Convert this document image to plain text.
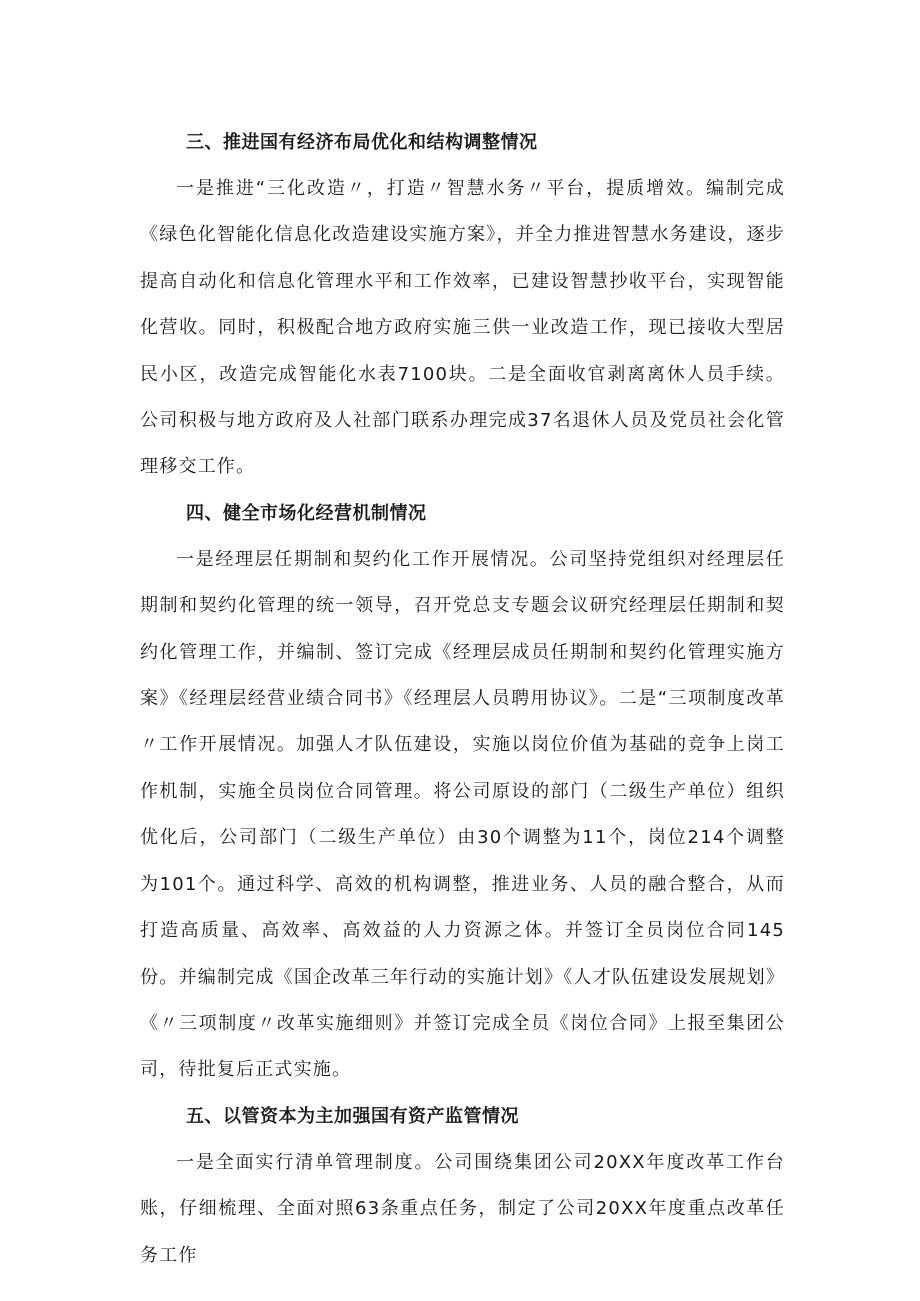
三、推进国有经济布局优化和结构调整情况

一是推进“三化改造〃，打造〃智慧水务〃平台，提质增效。编制完成《绿色化智能化信息化改造建设实施方案》，并全力推进智慧水务建设，逐步提高自动化和信息化管理水平和工作效率，已建设智慧抄收平台，实现智能化营收。同时，积极配合地方政府实施三供一业改造工作，现已接收大型居民小区，改造完成智能化水表7100块。二是全面收官剥离离休人员手续。公司积极与地方政府及人社部门联系办理完成37名退休人员及党员社会化管理移交工作。

四、健全市场化经营机制情况

一是经理层任期制和契约化工作开展情况。公司坚持党组织对经理层任期制和契约化管理的统一领导，召开党总支专题会议研究经理层任期制和契约化管理工作，并编制、签订完成《经理层成员任期制和契约化管理实施方案》《经理层经营业绩合同书》《经理层人员聘用协议》。二是“三项制度改革〃工作开展情况。加强人才队伍建设，实施以岗位价值为基础的竞争上岗工作机制，实施全员岗位合同管理。将公司原设的部门（二级生产单位）组织优化后，公司部门（二级生产单位）由30个调整为11个，岗位214个调整为101个。通过科学、高效的机构调整，推进业务、人员的融合整合，从而打造高质量、高效率、高效益的人力资源之体。并签订全员岗位合同145份。并编制完成《国企改革三年行动的实施计划》《人才队伍建设发展规划》《〃三项制度〃改革实施细则》并签订完成全员《岗位合同》上报至集团公司，待批复后正式实施。

五、以管资本为主加强国有资产监管情况

一是全面实行清单管理制度。公司围绕集团公司20XX年度改革工作台账，仔细梳理、全面对照63条重点任务，制定了公司20XX年度重点改革任务工作
